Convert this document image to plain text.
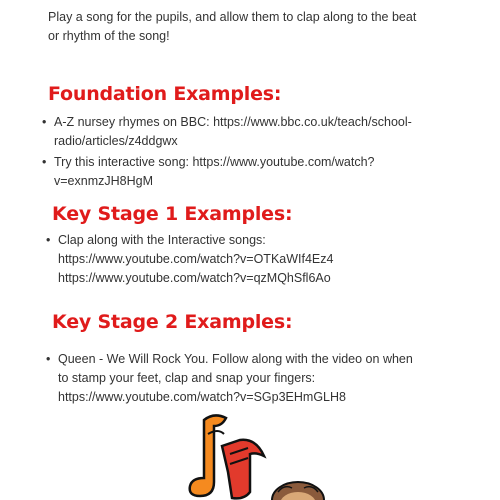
Play a song for the pupils, and allow them to clap along to the beat
or rhythm of the song!
Foundation Examples:
• A-Z nursey rhymes on BBC: https://www.bbc.co.uk/teach/school-
radio/articles/z4ddgwx
• Try this interactive song: https://www.youtube.com/watch?
v=exnmzJH8HgM
Key Stage 1 Examples:
• Clap along with the Interactive songs:
https://www.youtube.com/watch?v=OTKaWIf4Ez4
https://www.youtube.com/watch?v=qzMQhSfl6Ao
Key Stage 2 Examples:
• Queen - We Will Rock You. Follow along with the video on when
to stamp your feet, clap and snap your fingers:
https://www.youtube.com/watch?v=SGp3EHmGLH8
